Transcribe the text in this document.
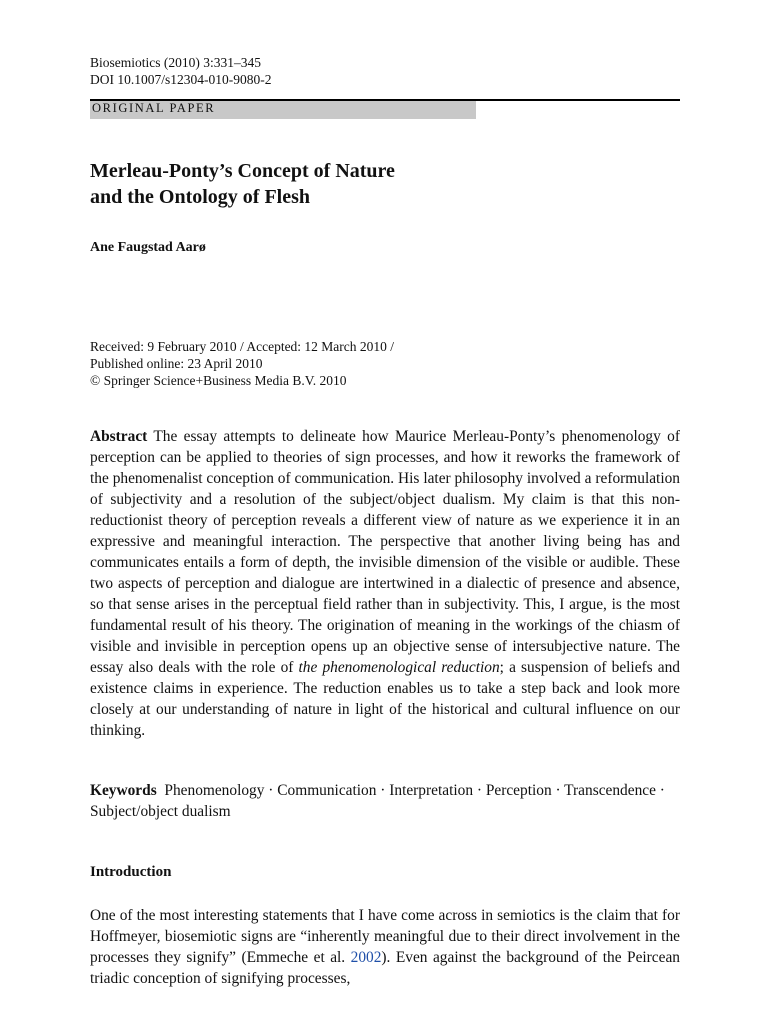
Biosemiotics (2010) 3:331–345
DOI 10.1007/s12304-010-9080-2
ORIGINAL PAPER
Merleau-Ponty’s Concept of Nature
and the Ontology of Flesh
Ane Faugstad Aarø
Received: 9 February 2010 / Accepted: 12 March 2010 /
Published online: 23 April 2010
© Springer Science+Business Media B.V. 2010

Abstract The essay attempts to delineate how Maurice Merleau-Ponty’s phenomenology of perception can be applied to theories of sign processes, and how it reworks the framework of the phenomenalist conception of communication. His later philosophy involved a reformulation of subjectivity and a resolution of the subject/object dualism. My claim is that this non-reductionist theory of perception reveals a different view of nature as we experience it in an expressive and meaningful interaction. The perspective that another living being has and communicates entails a form of depth, the invisible dimension of the visible or audible. These two aspects of perception and dialogue are intertwined in a dialectic of presence and absence, so that sense arises in the perceptual field rather than in subjectivity. This, I argue, is the most fundamental result of his theory. The origination of meaning in the workings of the chiasm of visible and invisible in perception opens up an objective sense of intersubjective nature. The essay also deals with the role of the phenomenological reduction; a suspension of beliefs and existence claims in experience. The reduction enables us to take a step back and look more closely at our understanding of nature in light of the historical and cultural influence on our thinking.

Keywords Phenomenology · Communication · Interpretation · Perception · Transcendence · Subject/object dualism
Introduction

One of the most interesting statements that I have come across in semiotics is the claim that for Hoffmeyer, biosemiotic signs are “inherently meaningful due to their direct involvement in the processes they signify” (Emmeche et al. 2002). Even against the background of the Peircean triadic conception of signifying processes,
